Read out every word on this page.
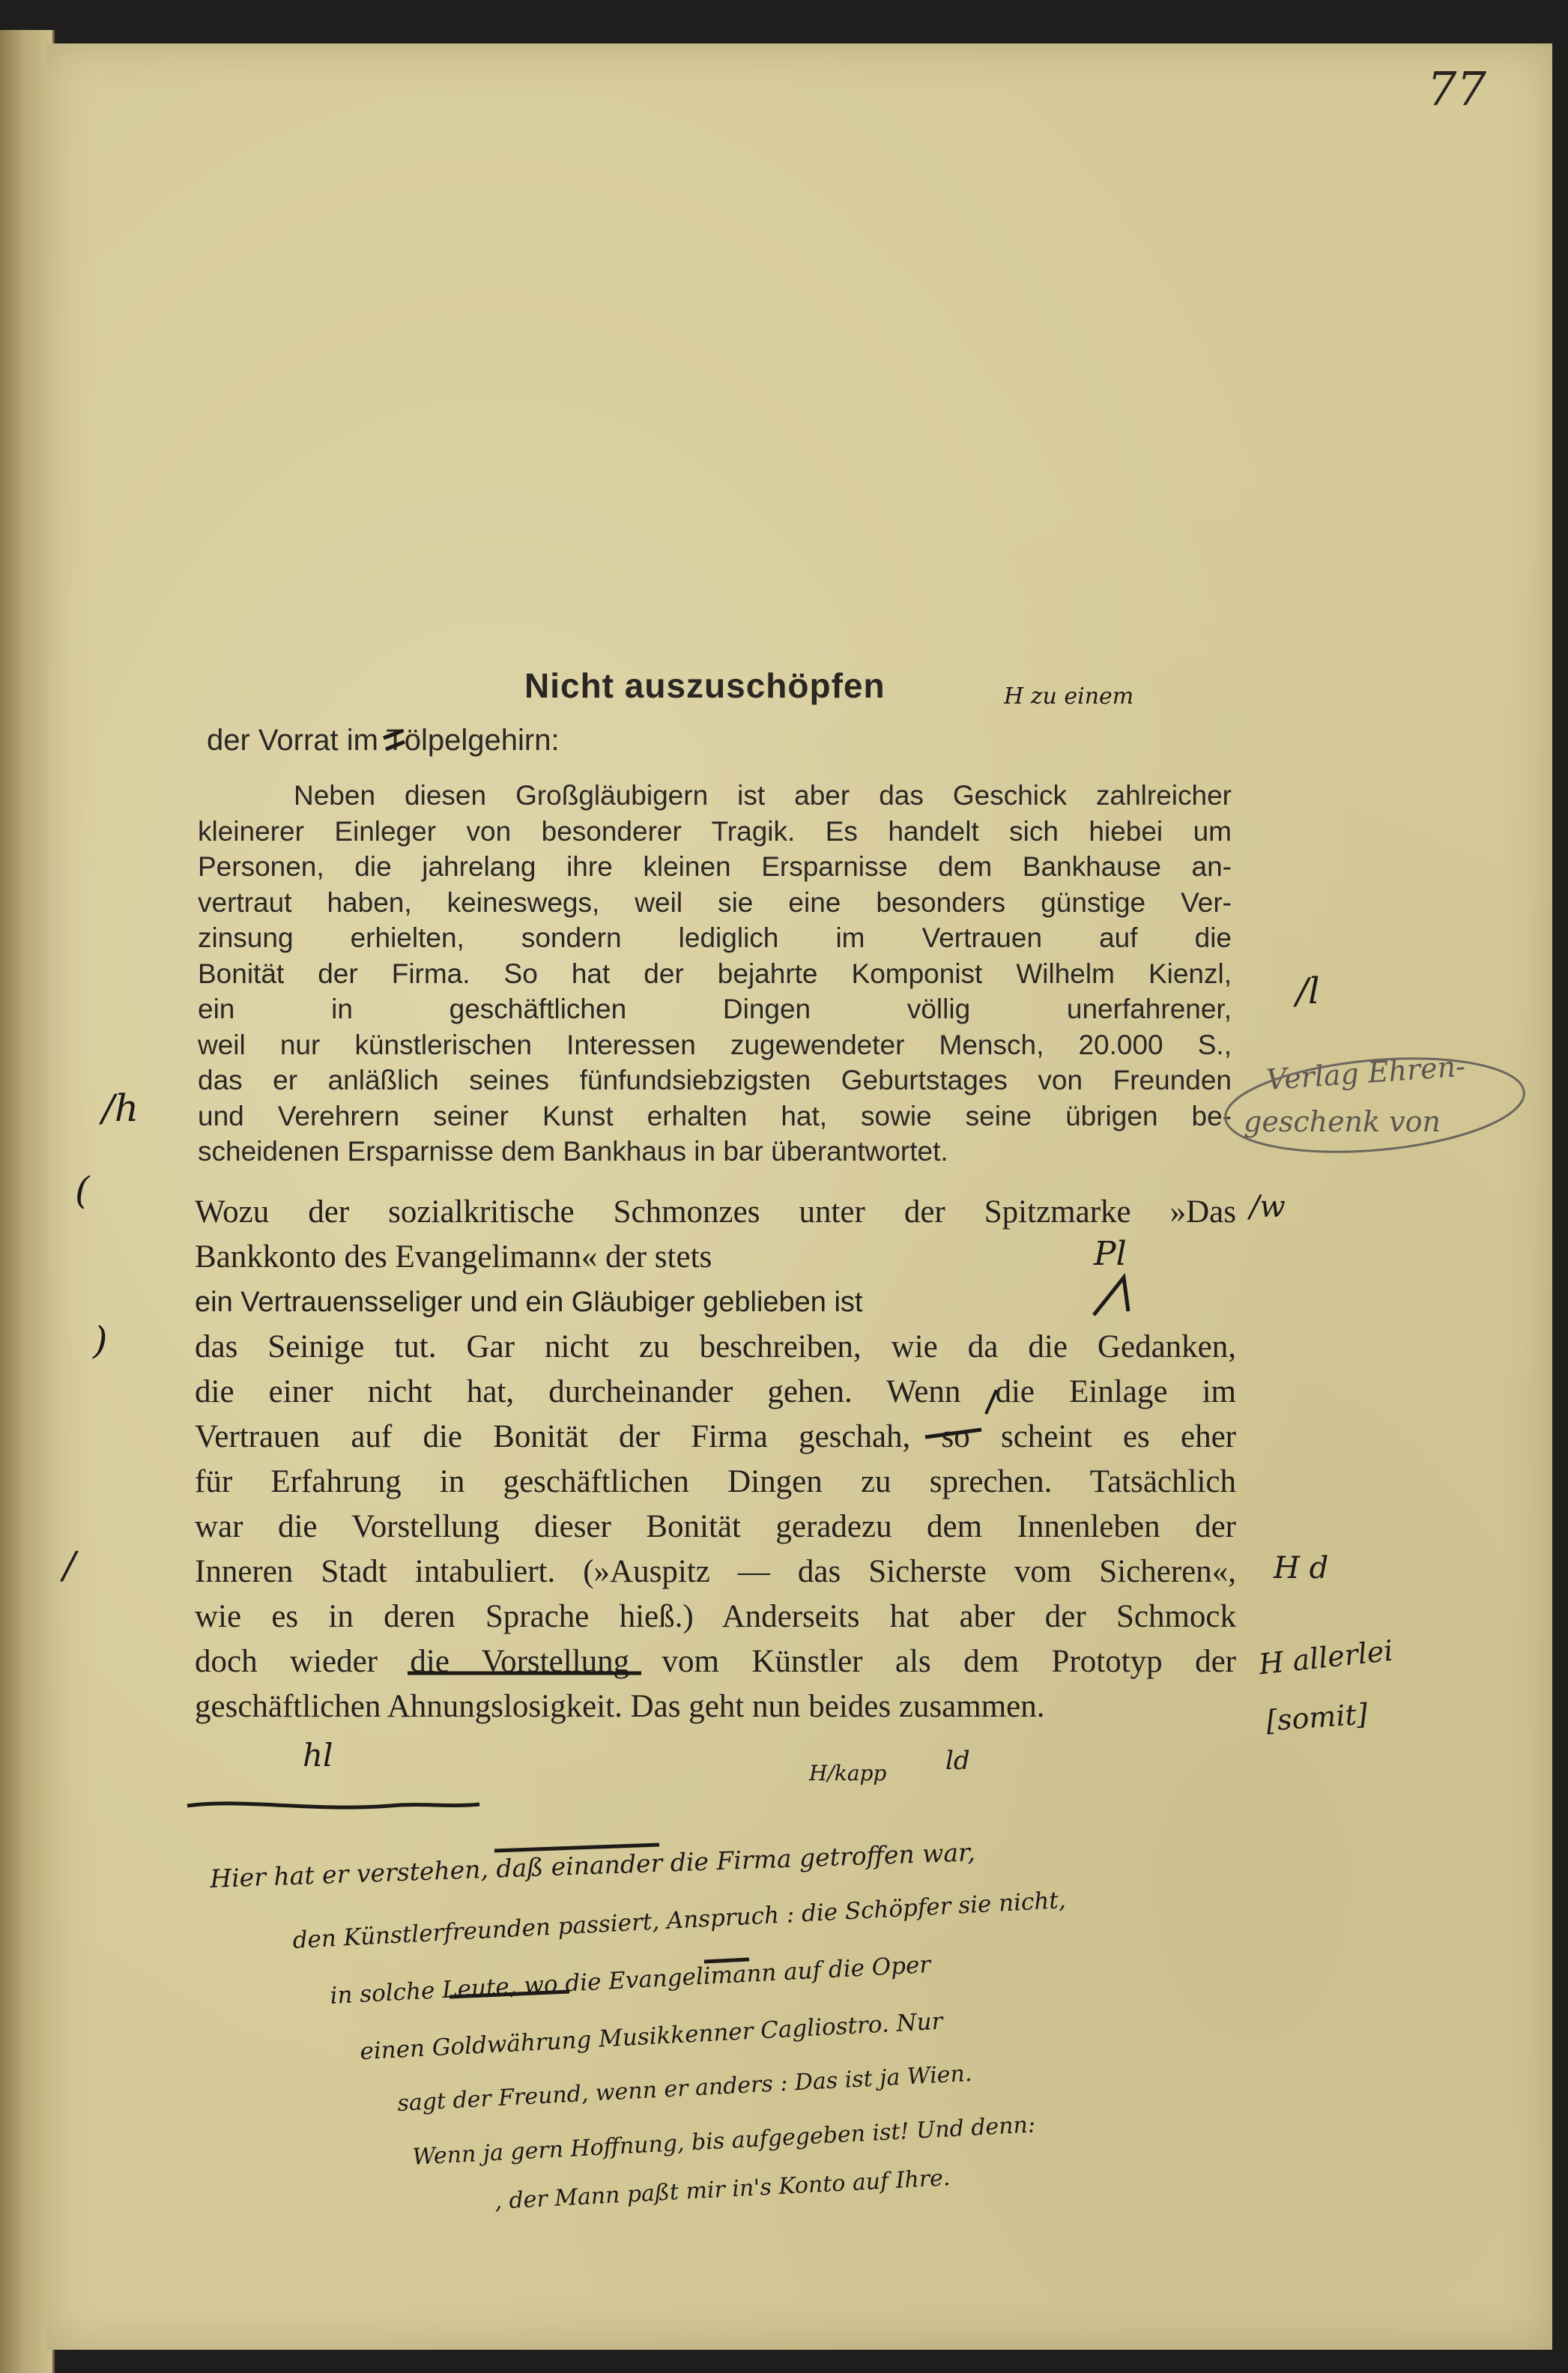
77
Nicht auszuschöpfen
der Vorrat im Tölpelgehirn:
Neben diesen Großgläubigern ist aber das Geschick zahlreicher
kleinerer Einleger von besonderer Tragik. Es handelt sich hiebei um
Personen, die jahrelang ihre kleinen Ersparnisse dem Bankhause an-
vertraut haben, keineswegs, weil sie eine besonders günstige Ver-
zinsung erhielten, sondern lediglich im Vertrauen auf die
Bonität der Firma. So hat der bejahrte Komponist Wilhelm Kienzl,
ein in geschäftlichen Dingen völlig unerfahrener,
weil nur künstlerischen Interessen zugewendeter Mensch, 20.000 S.,
das er anläßlich seines fünfundsiebzigsten Geburtstages von Freunden
und Verehrern seiner Kunst erhalten hat, sowie seine übrigen be-
scheidenen Ersparnisse dem Bankhaus in bar überantwortet.
Wozu der sozialkritische Schmonzes unter der Spitzmarke »Das
Bankkonto des Evangelimann« der stets
ein Vertrauensseliger und ein Gläubiger geblieben ist
das Seinige tut. Gar nicht zu beschreiben, wie da die Gedanken,
die einer nicht hat, durcheinander gehen. Wenn die Einlage im
Vertrauen auf die Bonität der Firma geschah, so scheint es eher
für Erfahrung in geschäftlichen Dingen zu sprechen. Tatsächlich
war die Vorstellung dieser Bonität geradezu dem Innenleben der
Inneren Stadt intabuliert. (»Auspitz — das Sicherste vom Sicheren«,
wie es in deren Sprache hieß.) Anderseits hat aber der Schmock
doch wieder die Vorstellung vom Künstler als dem Prototyp der
geschäftlichen Ahnungslosigkeit. Das geht nun beides zusammen.
/h
(
)
/
/l
Verlag Ehren-
geschenk von
/w
Pl
H zu einem
H d
H allerlei
[somit]
H/kapp ld
hl
Hier hat er verstehen, daß einander die Firma getroffen war,
den Künstlerfreunden passiert, Anspruch : die Schöpfer sie nicht,
in solche Leute, wo die Evangelimann auf die Oper
einen Goldwährung Musikkenner Cagliostro. Nur
sagt der Freund, wenn er anders : Das ist ja Wien.
Wenn ja gern Hoffnung, bis aufgegeben ist! Und denn:
, der Mann paßt mir in's Konto auf Ihre.
